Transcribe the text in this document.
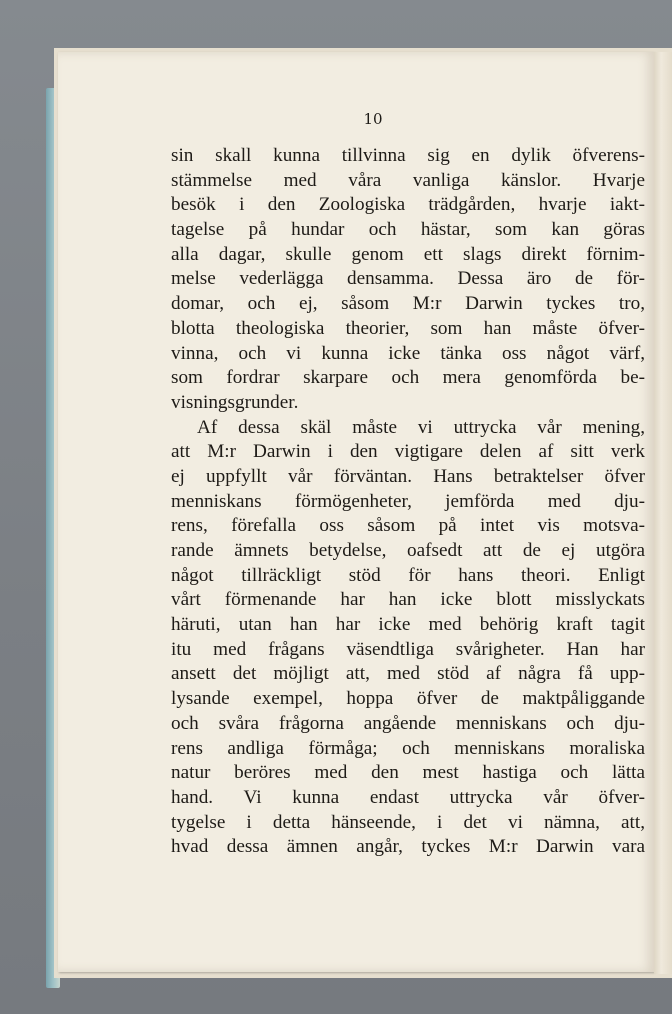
10
sin skall kunna tillvinna sig en dylik öfverens-
stämmelse med våra vanliga känslor. Hvarje
besök i den Zoologiska trädgården, hvarje iakt-
tagelse på hundar och hästar, som kan göras
alla dagar, skulle genom ett slags direkt förnim-
melse vederlägga densamma. Dessa äro de för-
domar, och ej, såsom M:r Darwin tyckes tro,
blotta theologiska theorier, som han måste öfver-
vinna, och vi kunna icke tänka oss något värf,
som fordrar skarpare och mera genomförda be-
visningsgrunder.
Af dessa skäl måste vi uttrycka vår mening,
att M:r Darwin i den vigtigare delen af sitt verk
ej uppfyllt vår förväntan. Hans betraktelser öfver
menniskans förmögenheter, jemförda med dju-
rens, förefalla oss såsom på intet vis motsva-
rande ämnets betydelse, oafsedt att de ej utgöra
något tillräckligt stöd för hans theori. Enligt
vårt förmenande har han icke blott misslyckats
häruti, utan han har icke med behörig kraft tagit
itu med frågans väsendtliga svårigheter. Han har
ansett det möjligt att, med stöd af några få upp-
lysande exempel, hoppa öfver de maktpåliggande
och svåra frågorna angående menniskans och dju-
rens andliga förmåga; och menniskans moraliska
natur beröres med den mest hastiga och lätta
hand. Vi kunna endast uttrycka vår öfver-
tygelse i detta hänseende, i det vi nämna, att,
hvad dessa ämnen angår, tyckes M:r Darwin vara
